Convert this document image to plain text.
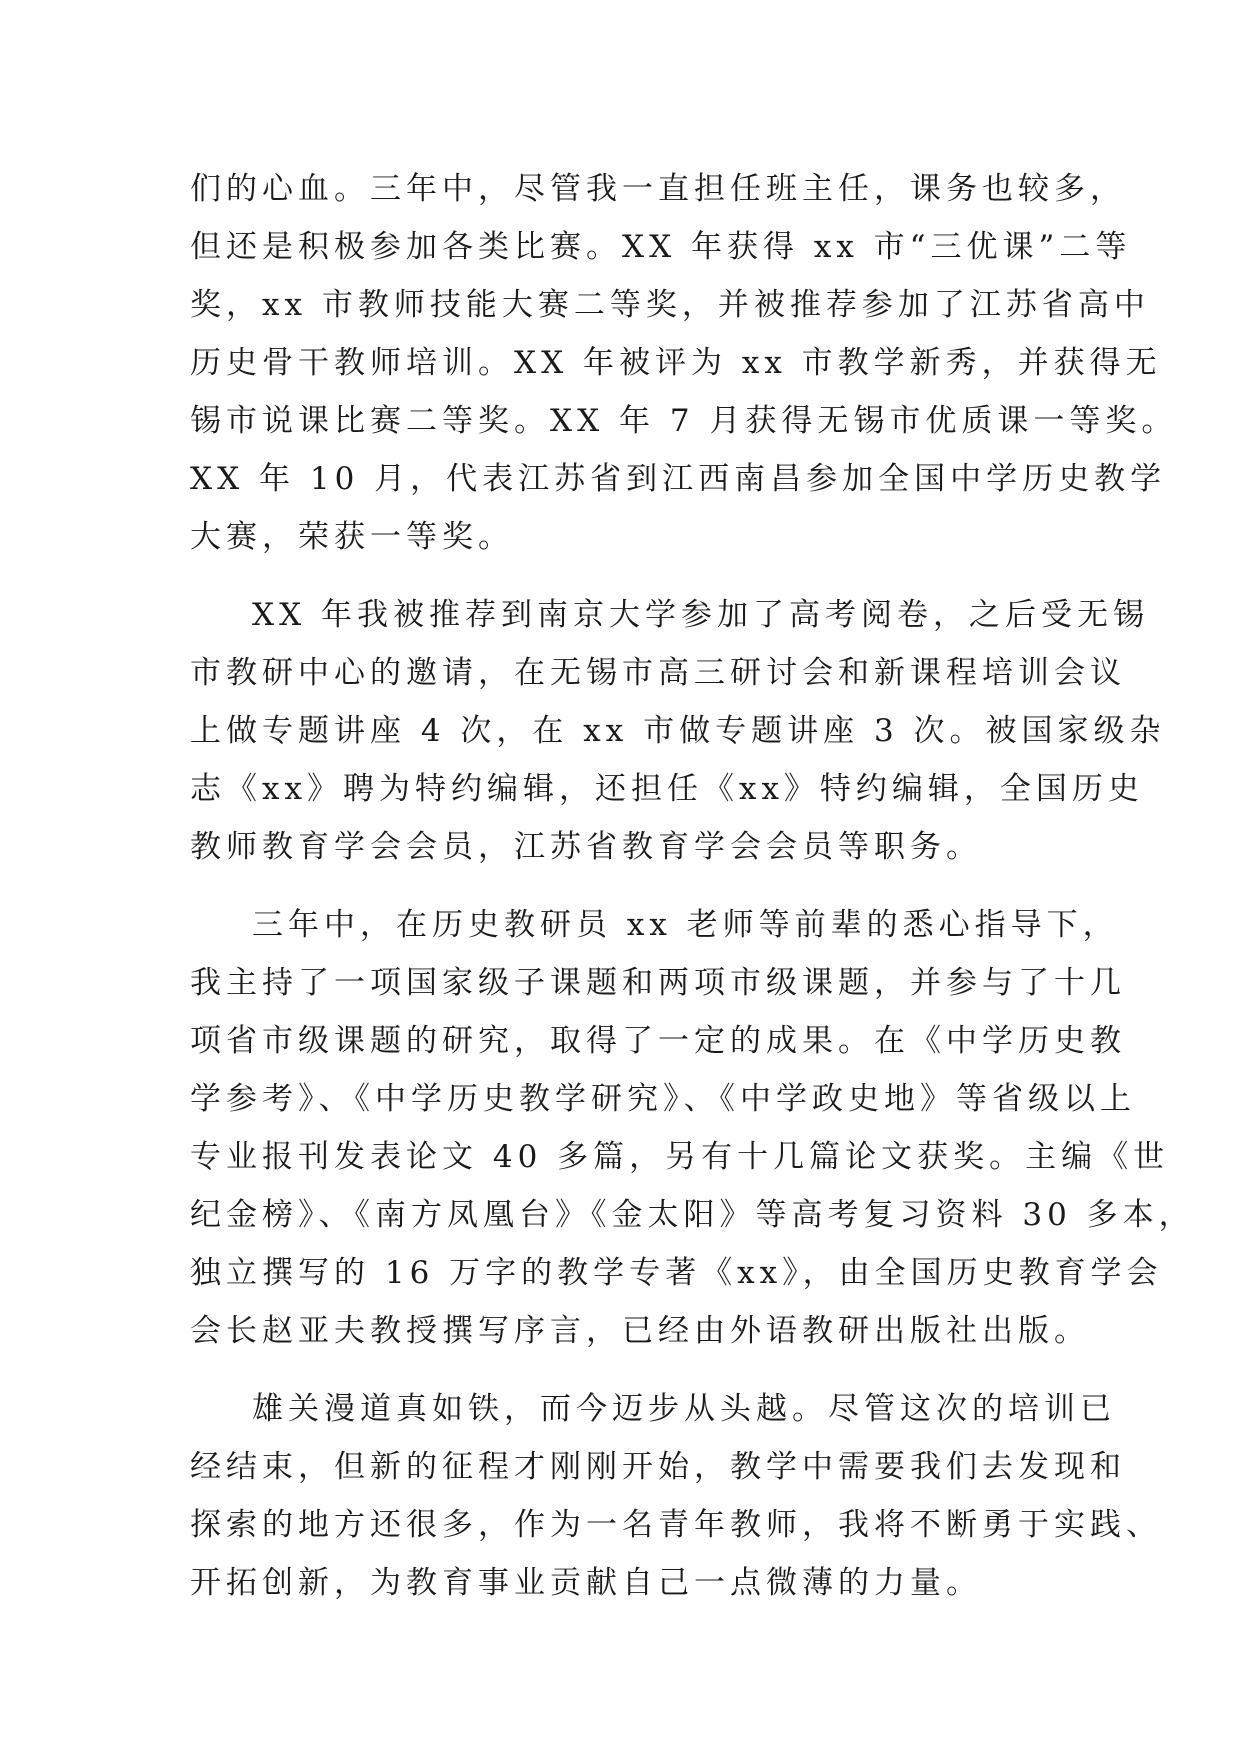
们的心血。三年中，尽管我一直担任班主任，课务也较多，
但还是积极参加各类比赛。XX 年获得 xx 市“三优课”二等
奖，xx 市教师技能大赛二等奖，并被推荐参加了江苏省高中
历史骨干教师培训。XX 年被评为 xx 市教学新秀，并获得无
锡市说课比赛二等奖。XX 年 7 月获得无锡市优质课一等奖。
XX 年 10 月，代表江苏省到江西南昌参加全国中学历史教学
大赛，荣获一等奖。
XX 年我被推荐到南京大学参加了高考阅卷，之后受无锡
市教研中心的邀请，在无锡市高三研讨会和新课程培训会议
上做专题讲座 4 次，在 xx 市做专题讲座 3 次。被国家级杂
志《xx》聘为特约编辑，还担任《xx》特约编辑，全国历史
教师教育学会会员，江苏省教育学会会员等职务。
三年中，在历史教研员 xx 老师等前辈的悉心指导下，
我主持了一项国家级子课题和两项市级课题，并参与了十几
项省市级课题的研究，取得了一定的成果。在《中学历史教
学参考》、《中学历史教学研究》、《中学政史地》等省级以上
专业报刊发表论文 40 多篇，另有十几篇论文获奖。主编《世
纪金榜》、《南方凤凰台》《金太阳》等高考复习资料 30 多本，
独立撰写的 16 万字的教学专著《xx》，由全国历史教育学会
会长赵亚夫教授撰写序言，已经由外语教研出版社出版。
雄关漫道真如铁，而今迈步从头越。尽管这次的培训已
经结束，但新的征程才刚刚开始，教学中需要我们去发现和
探索的地方还很多，作为一名青年教师，我将不断勇于实践、
开拓创新，为教育事业贡献自己一点微薄的力量。
